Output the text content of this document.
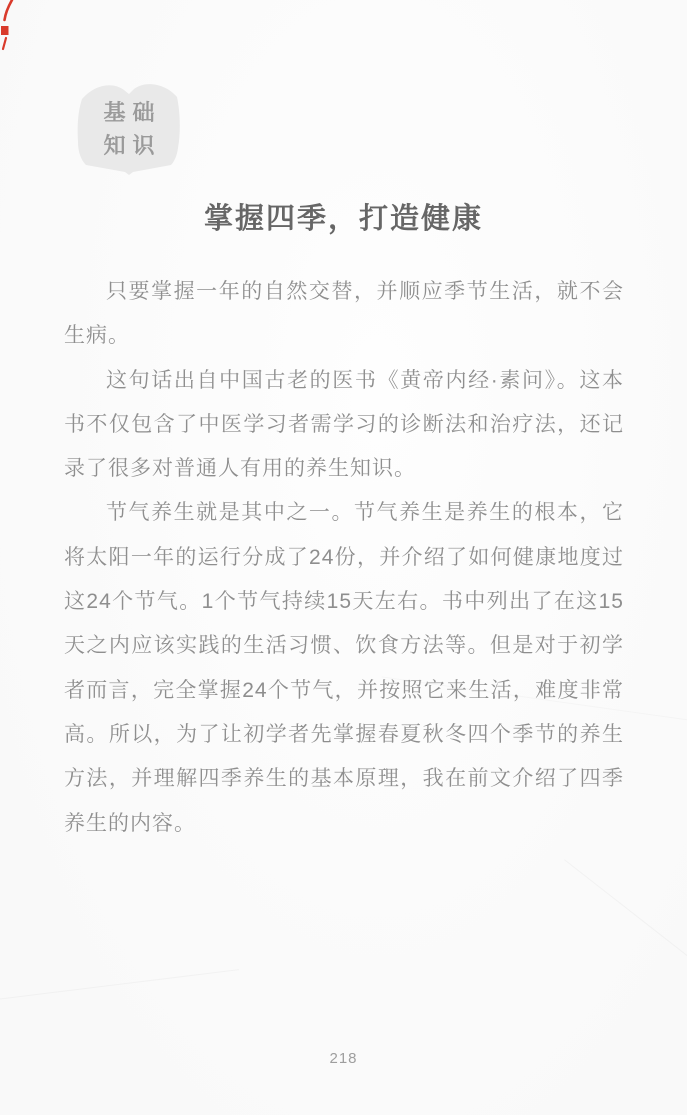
基础
知识
掌握四季，打造健康

只要掌握一年的自然交替，并顺应季节生活，就不会生病。

这句话出自中国古老的医书《黄帝内经·素问》。这本书不仅包含了中医学习者需学习的诊断法和治疗法，还记录了很多对普通人有用的养生知识。

节气养生就是其中之一。节气养生是养生的根本，它将太阳一年的运行分成了24份，并介绍了如何健康地度过这24个节气。1个节气持续15天左右。书中列出了在这15天之内应该实践的生活习惯、饮食方法等。但是对于初学者而言，完全掌握24个节气，并按照它来生活，难度非常高。所以，为了让初学者先掌握春夏秋冬四个季节的养生方法，并理解四季养生的基本原理，我在前文介绍了四季养生的内容。

218
